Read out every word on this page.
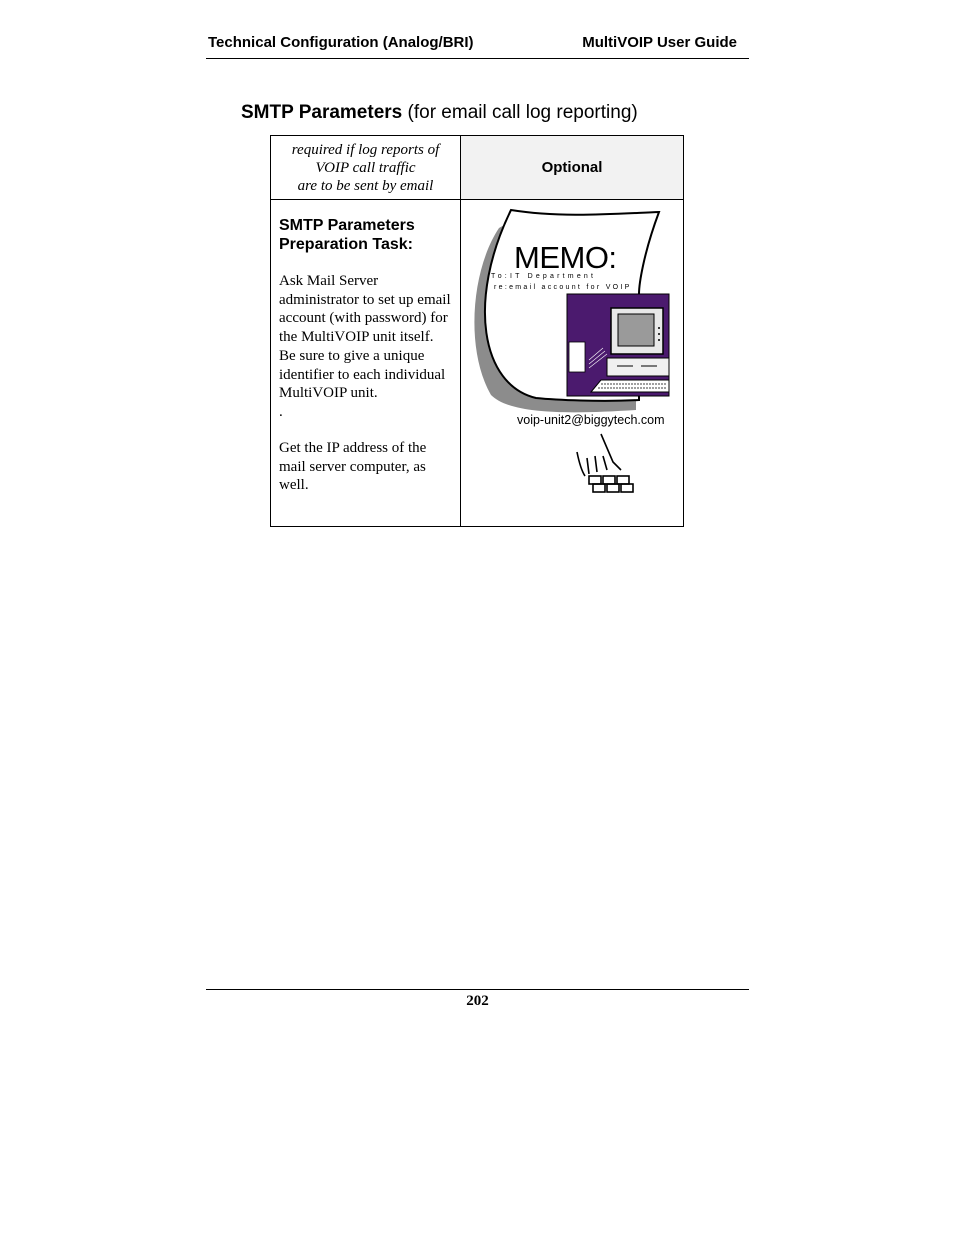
Technical Configuration (Analog/BRI)	MultiVOIP User Guide
SMTP Parameters (for email call log reporting)
required if log reports of
VOIP call traffic
are to be sent by email
Optional

SMTP Parameters
Preparation Task:

Ask Mail Server administrator to set up email account (with password) for the MultiVOIP unit itself. Be sure to give a unique identifier to each individual MultiVOIP unit.

.

Get the IP address of the mail server computer, as well.

MEMO:
To:IT Department
re:email account for VOIP
voip-unit2@biggytech.com
202
